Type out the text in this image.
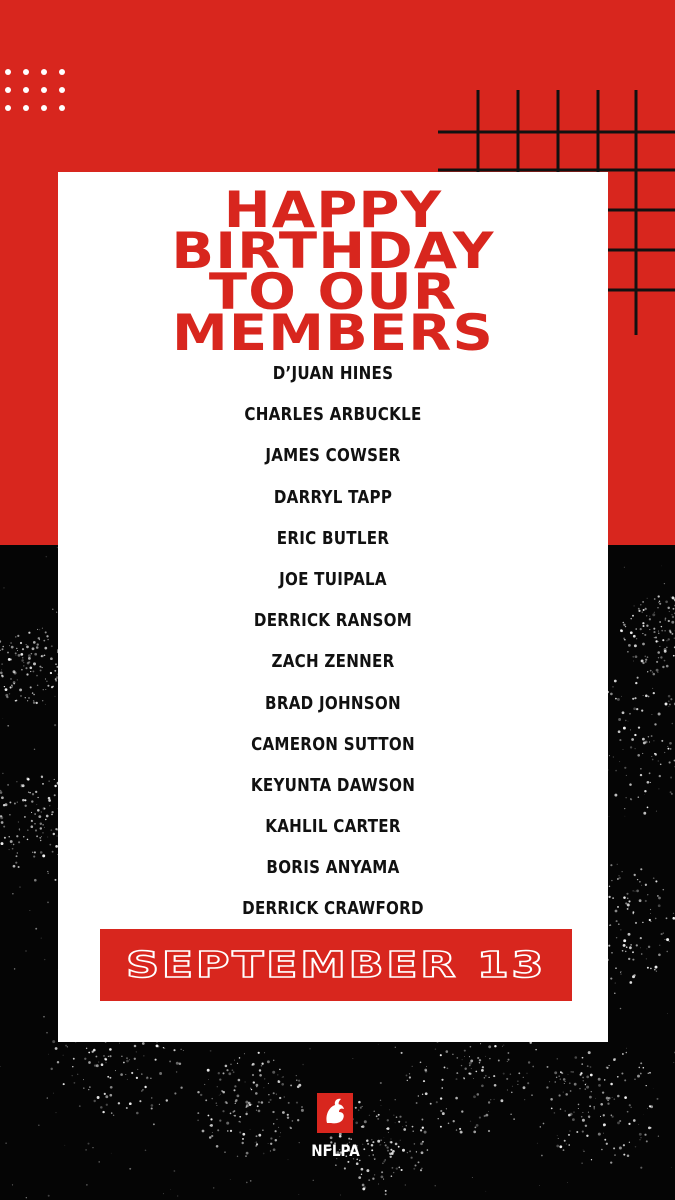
HAPPY
BIRTHDAY
TO OUR
MEMBERS
D’JUAN HINES
CHARLES ARBUCKLE
JAMES COWSER
DARRYL TAPP
ERIC BUTLER
JOE TUIPALA
DERRICK RANSOM
ZACH ZENNER
BRAD JOHNSON
CAMERON SUTTON
KEYUNTA DAWSON
KAHLIL CARTER
BORIS ANYAMA
DERRICK CRAWFORD
SEPTEMBER 13
NFLPA
